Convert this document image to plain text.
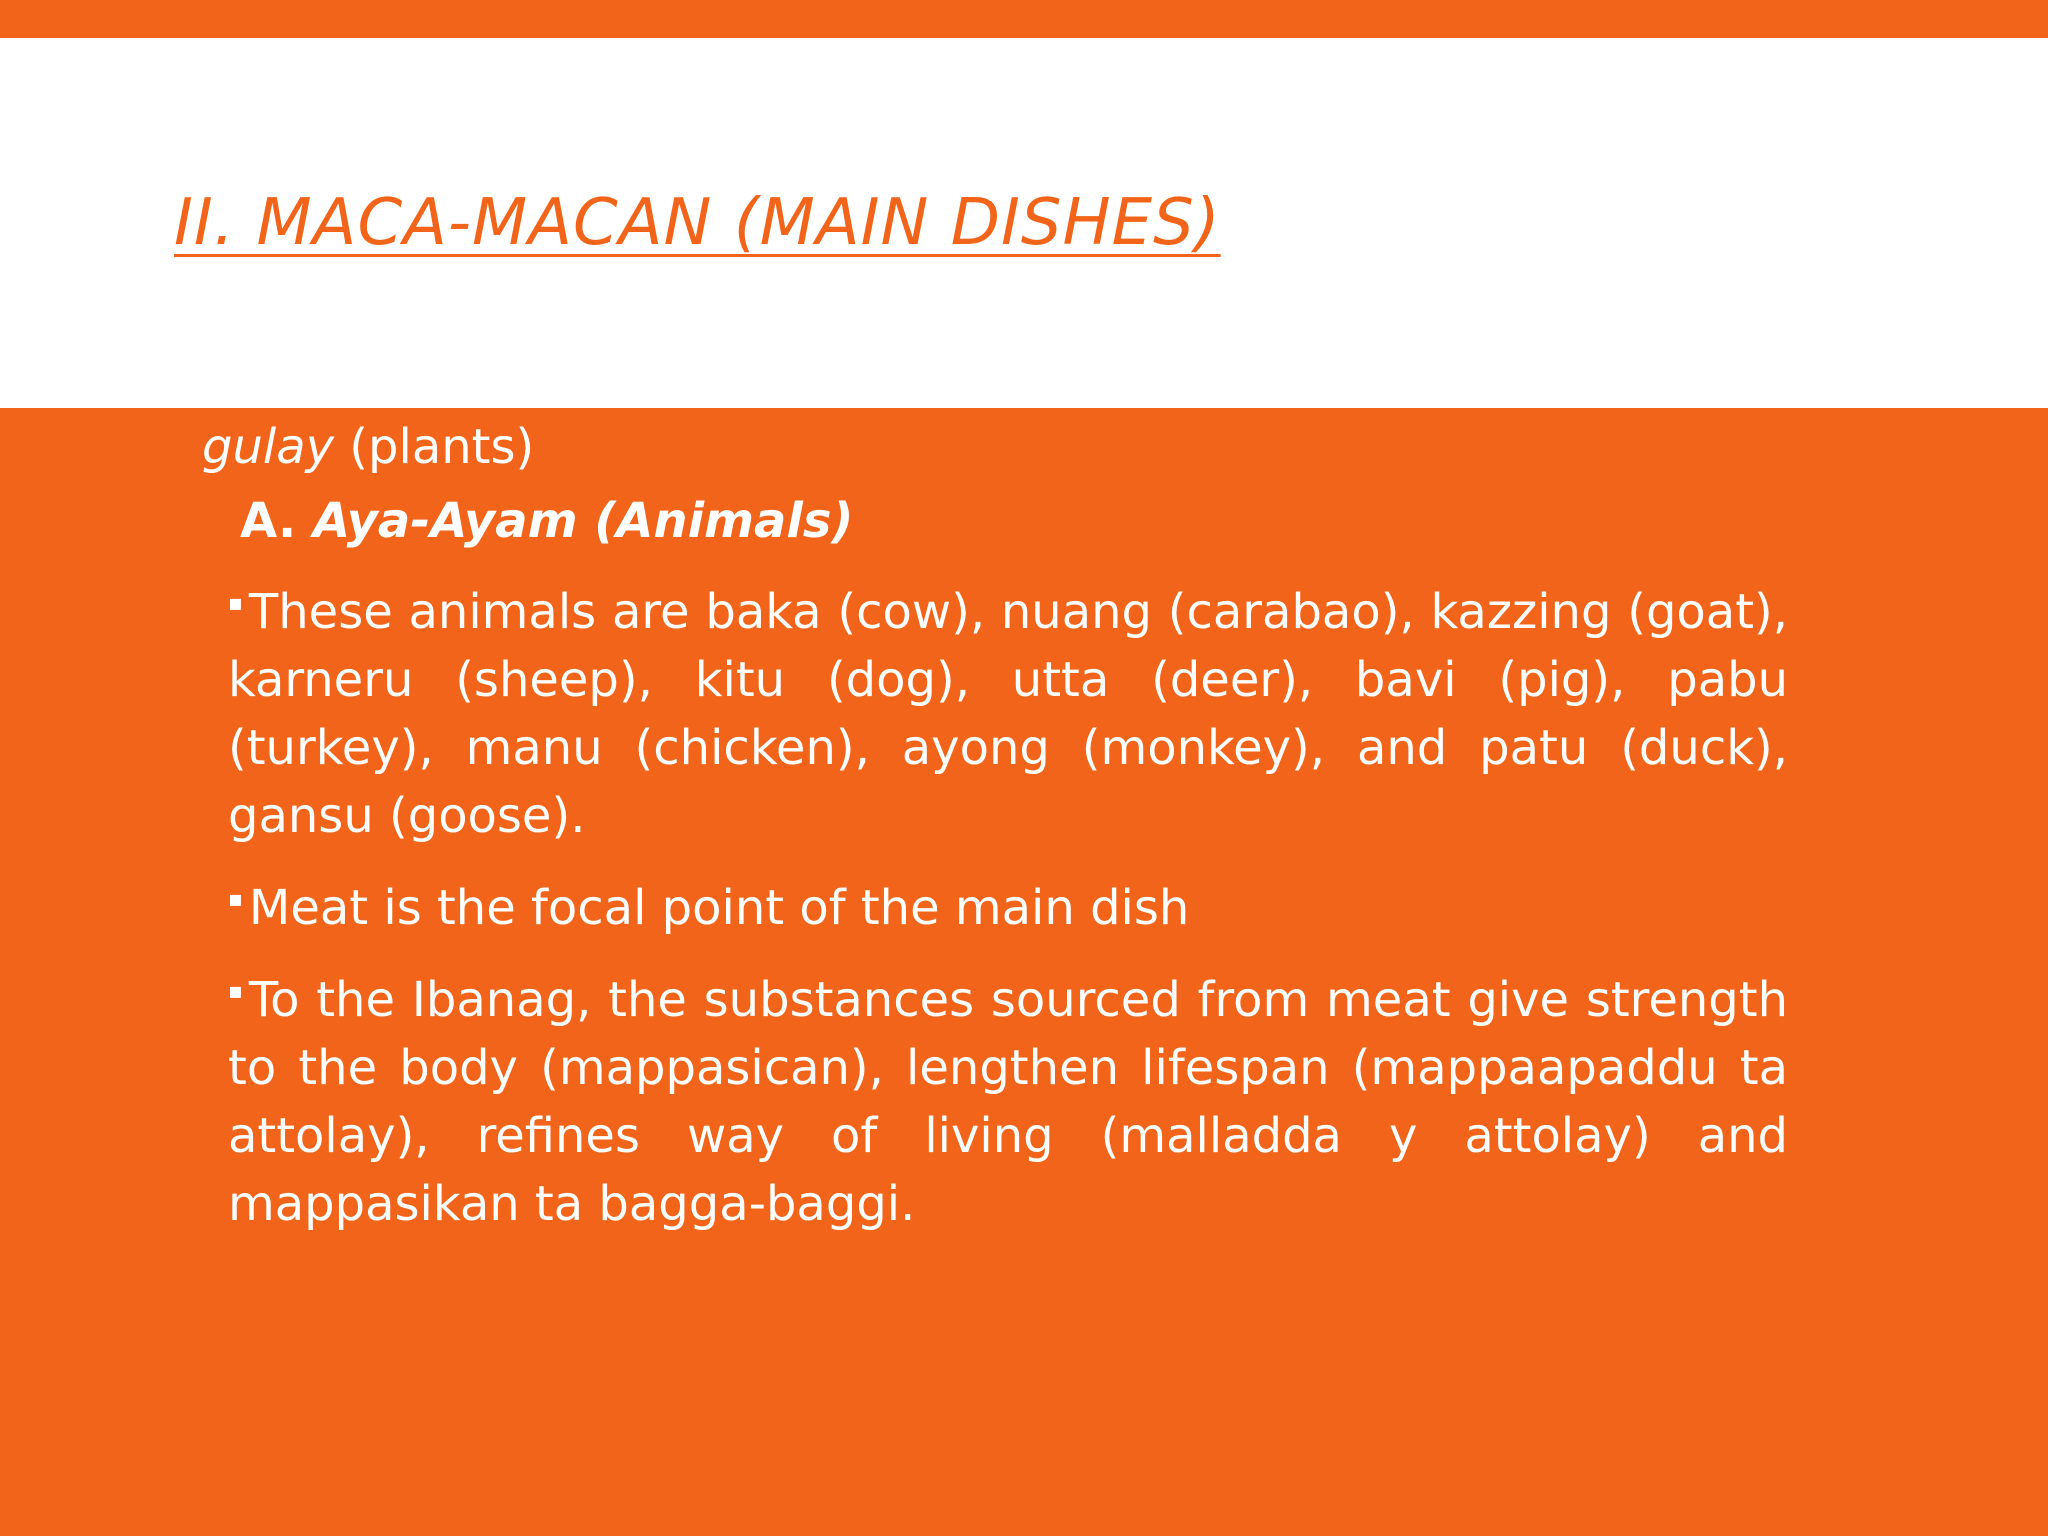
II. MACA-MACAN (MAIN DISHES)

gulay (plants)

A. Aya-Ayam (Animals)

▪ These animals are baka (cow), nuang (carabao), kazzing (goat), karneru (sheep), kitu (dog), utta (deer), bavi (pig), pabu (turkey), manu (chicken), ayong (monkey), and patu (duck), gansu (goose).
▪ Meat is the focal point of the main dish
▪ To the Ibanag, the substances sourced from meat give strength to the body (mappasican), lengthen lifespan (mappaapaddu ta attolay), refines way of living (malladda y attolay) and mappasikan ta bagga-baggi.
